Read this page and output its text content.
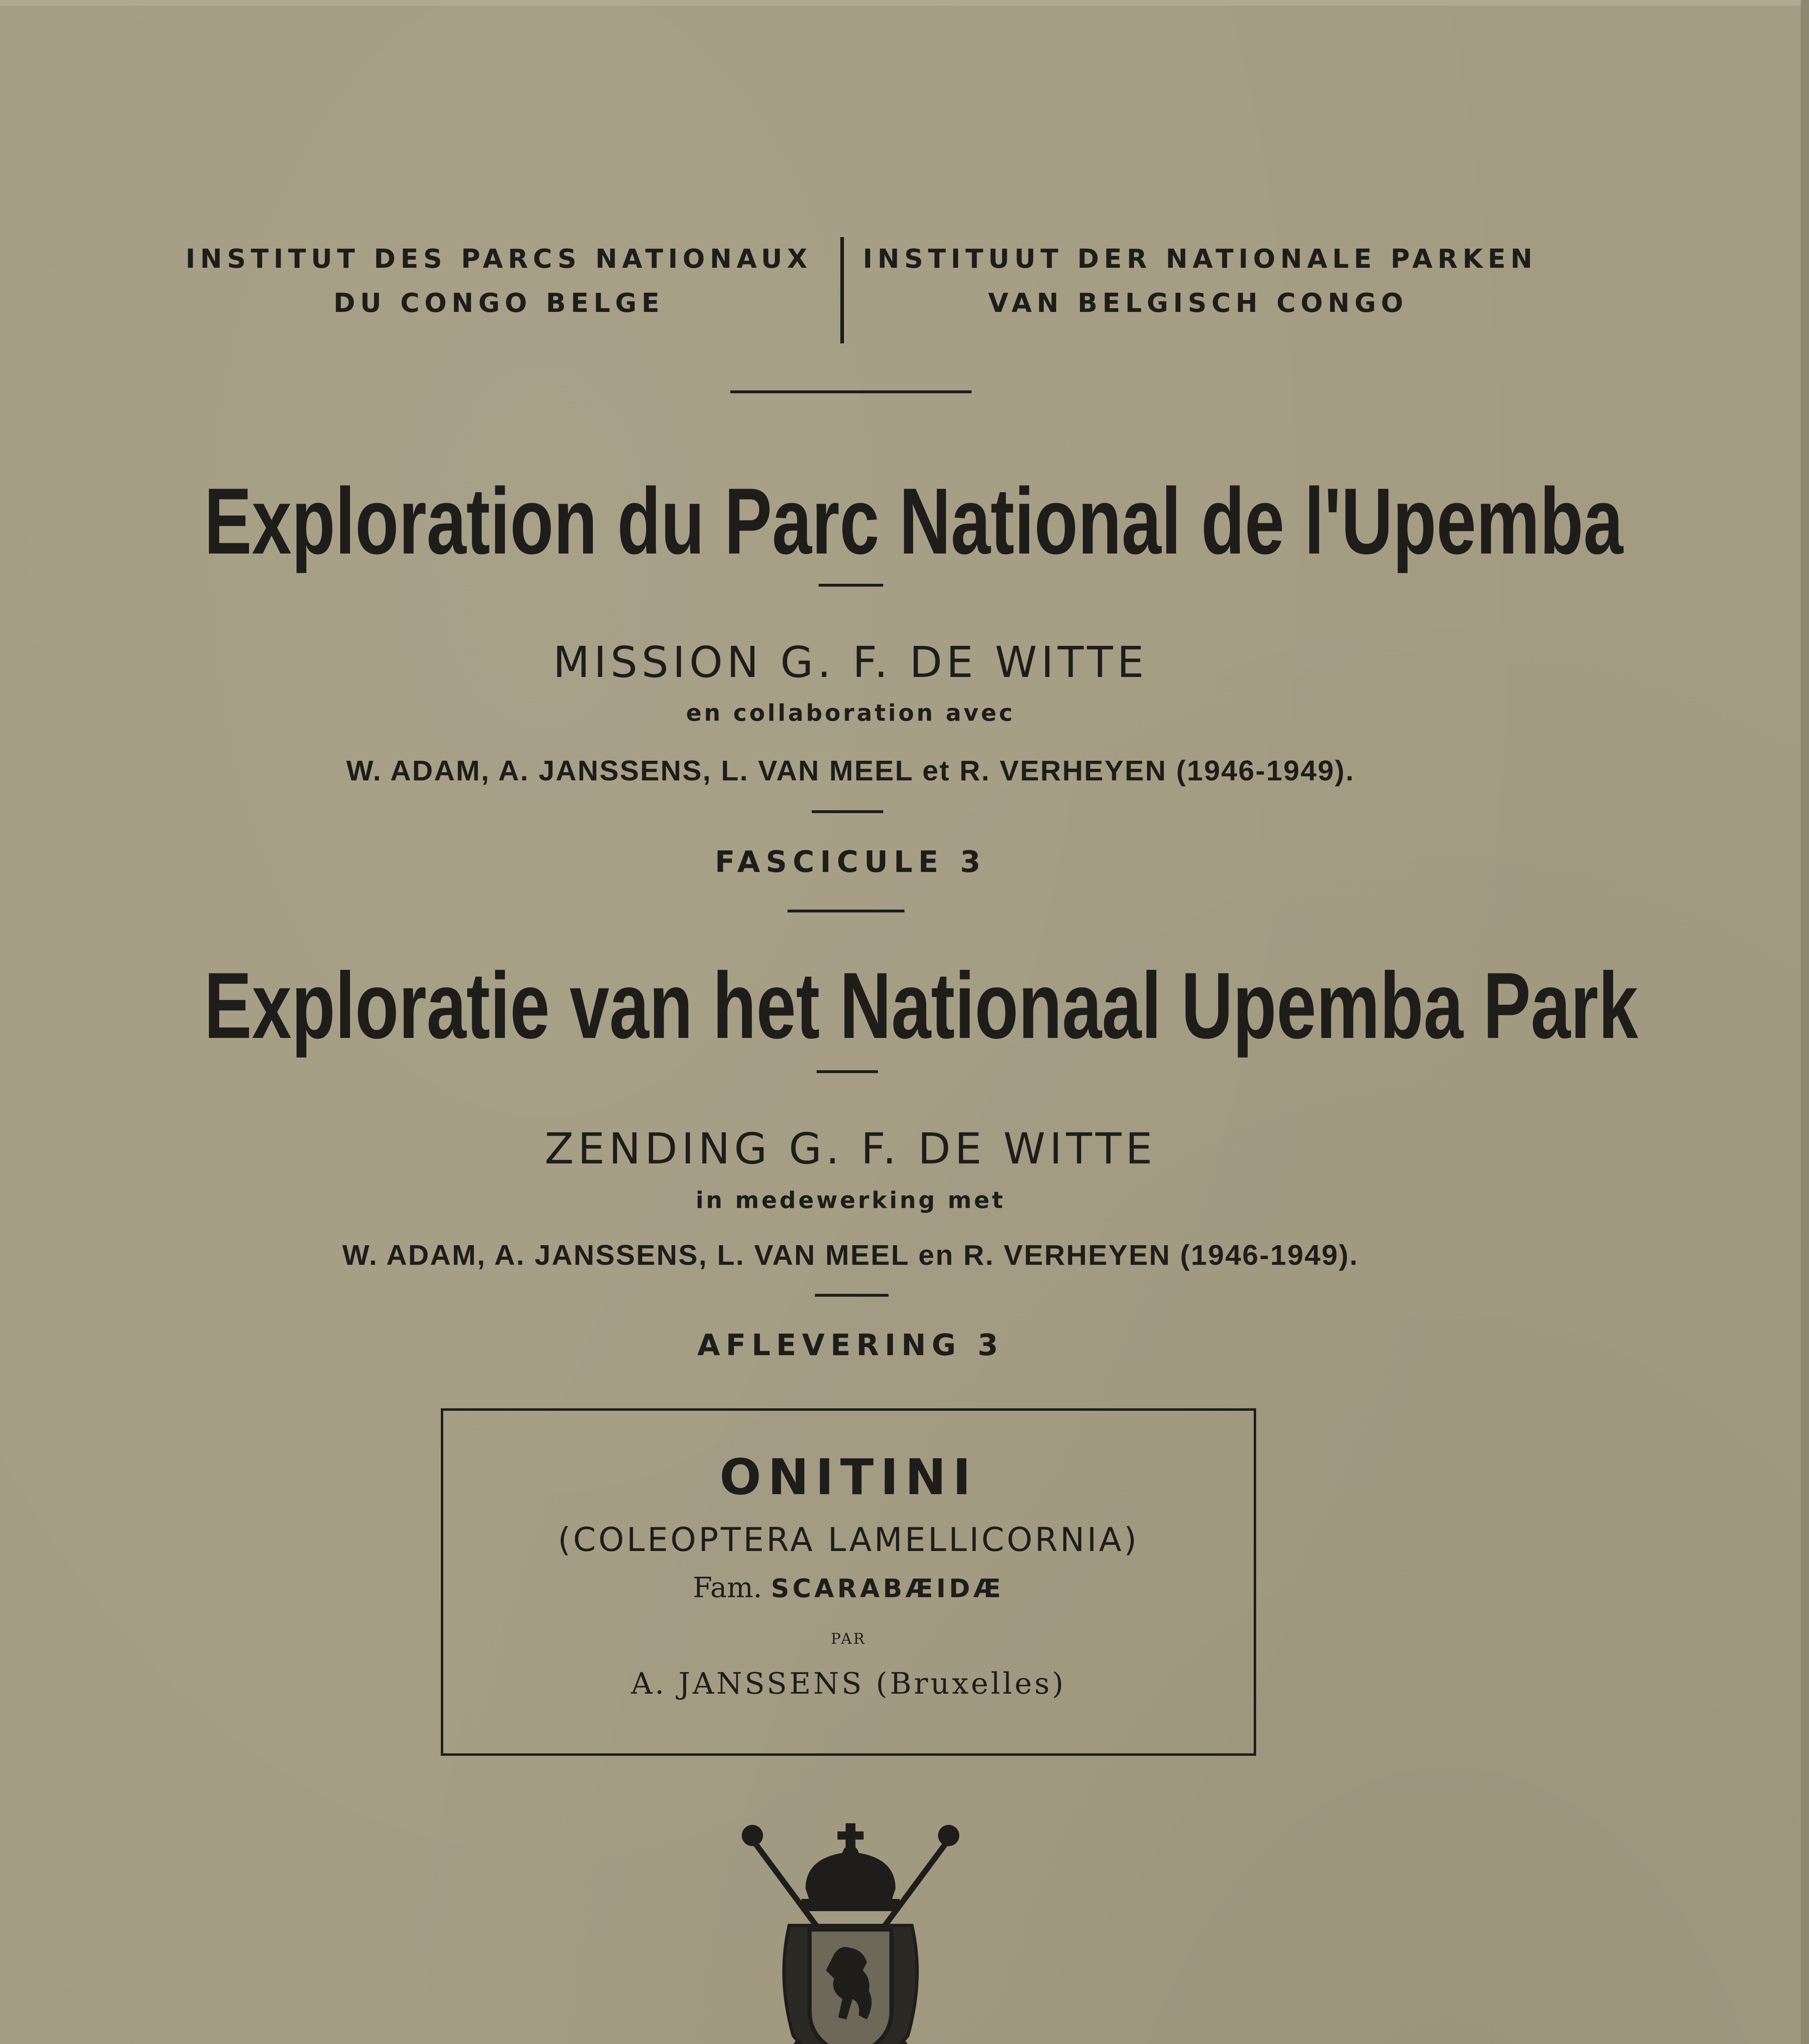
INSTITUT DES PARCS NATIONAUX
DU CONGO BELGE
INSTITUUT DER NATIONALE PARKEN
VAN BELGISCH CONGO
Exploration du Parc National de l'Upemba
MISSION G. F. DE WITTE
en collaboration avec
W. ADAM, A. JANSSENS, L. VAN MEEL et R. VERHEYEN (1946-1949).
FASCICULE 3
Exploratie van het Nationaal Upemba Park
ZENDING G. F. DE WITTE
in medewerking met
W. ADAM, A. JANSSENS, L. VAN MEEL en R. VERHEYEN (1946-1949).
AFLEVERING 3
ONITINI
(COLEOPTERA LAMELLICORNIA)
Fam. SCARABÆIDÆ
PAR
A. JANSSENS (Bruxelles)
